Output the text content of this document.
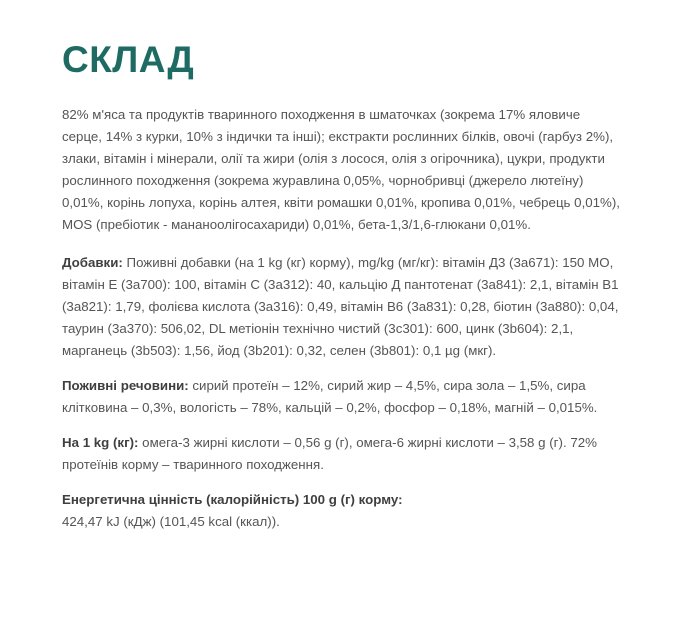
СКЛАД

82% м'яса та продуктів тваринного походження в шматочках (зокрема 17% яловиче серце, 14% з курки, 10% з індички та інші); екстракти рослинних білків, овочі (гарбуз 2%), злаки, вітамін і мінерали, олії та жири (олія з лосося, олія з огірочника), цукри, продукти рослинного походження (зокрема журавлина 0,05%, чорнобривці (джерело лютеїну) 0,01%, корінь лопуха, корінь алтея, квіти ромашки 0,01%, кропива 0,01%, чебрець 0,01%), MOS (пребіотик - мананоолігосахариди) 0,01%, бета-1,3/1,6-глюкани 0,01%.

Добавки: Поживні добавки (на 1 kg (кг) корму), mg/kg (мг/кг): вітамін Д3 (3а671): 150 МО, вітамін Е (3а700): 100, вітамін С (3а312): 40, кальцію Д пантотенат (3а841): 2,1, вітамін В1 (3а821): 1,79, фолієва кислота (3а316): 0,49, вітамін В6 (3а831): 0,28, біотин (3а880): 0,04, таурин (3а370): 506,02, DL метіонін технічно чистий (3с301): 600, цинк (3b604): 2,1, марганець (3b503): 1,56, йод (3b201): 0,32, селен (3b801): 0,1 µg (мкг).

Поживні речовини: сирий протеїн – 12%, сирий жир – 4,5%, сира зола – 1,5%, сира клітковина – 0,3%, вологість – 78%, кальцій – 0,2%, фосфор – 0,18%, магній – 0,015%.

На 1 kg (кг): омега-3 жирні кислоти – 0,56 g (г), омега-6 жирні кислоти – 3,58 g (г). 72% протеїнів корму – тваринного походження.

Енергетична цінність (калорійність) 100 g (г) корму:
424,47 kJ (кДж) (101,45 kcal (ккал)).
